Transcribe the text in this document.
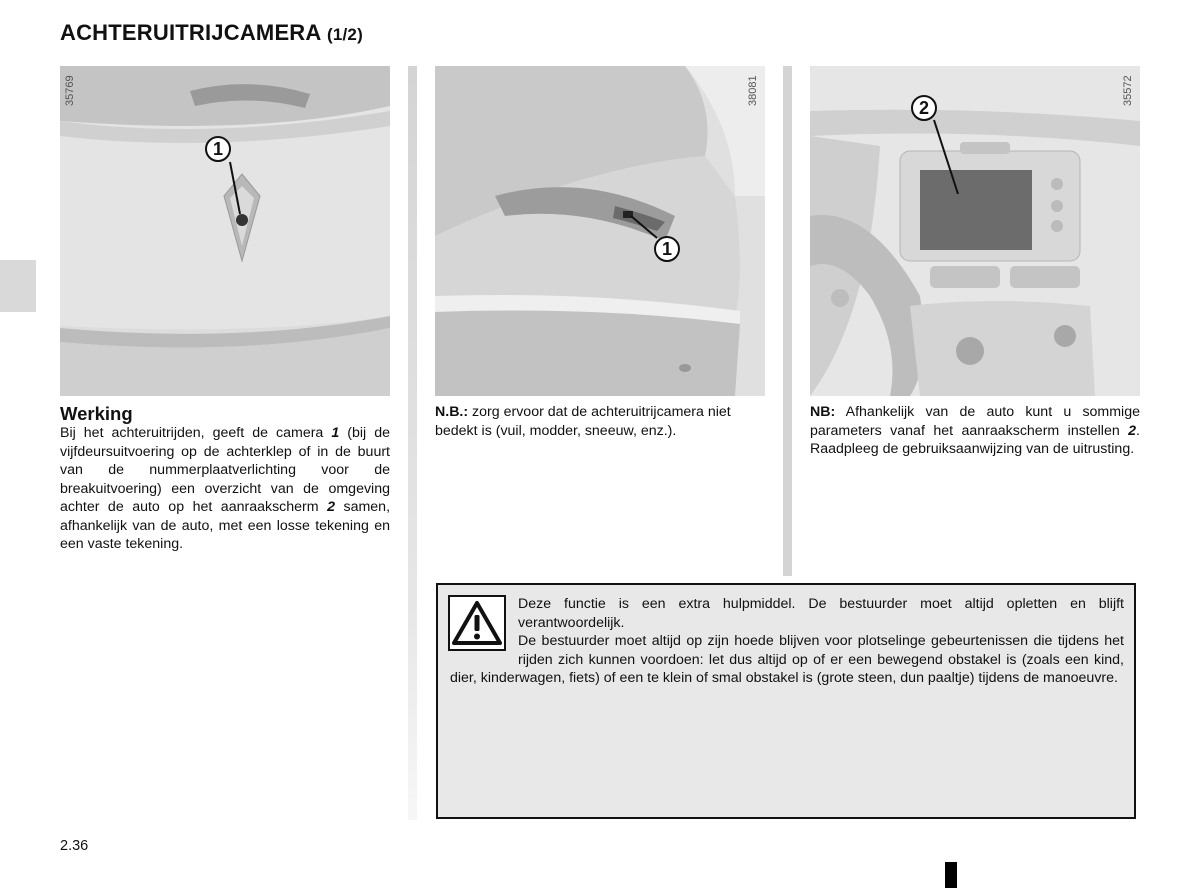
ACHTERUITRIJCAMERA (1/2)
1
35769
1
38081
2
35572
Werking
Bij het achteruitrijden, geeft de camera 1 (bij de vijfdeursuitvoering op de achterklep of in de buurt van de nummerplaatverlichting voor de breakuitvoering) een overzicht van de omgeving achter de auto op het aanraakscherm 2 samen, afhankelijk van de auto, met een losse tekening en een vaste tekening.
N.B.: zorg ervoor dat de achteruitrijcamera niet bedekt is (vuil, modder, sneeuw, enz.).
NB: Afhankelijk van de auto kunt u sommige parameters vanaf het aanraakscherm instellen 2. Raadpleeg de gebruiksaanwijzing van de uitrusting.
Deze functie is een extra hulpmiddel. De bestuurder moet altijd opletten en blijft verantwoordelijk.
De bestuurder moet altijd op zijn hoede blijven voor plotselinge gebeurtenissen die tijdens het rijden zich kunnen voordoen: let dus altijd op of er een bewegend obstakel is (zoals een kind, dier, kinderwagen, fiets) of een te klein of smal obstakel is (grote steen, dun paaltje) tijdens de manoeuvre.
2.36
